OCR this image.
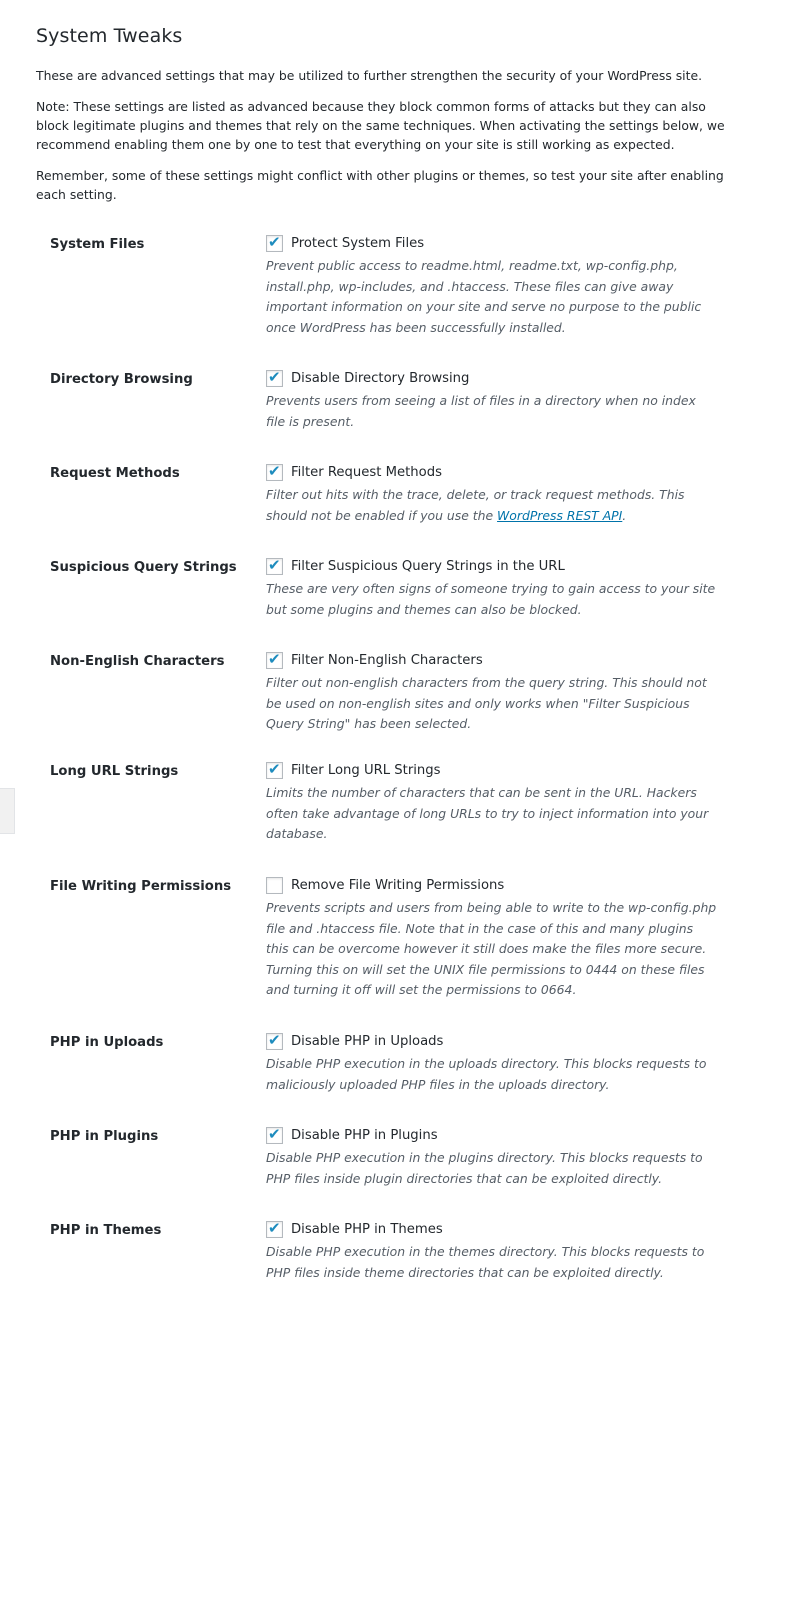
System Tweaks

These are advanced settings that may be utilized to further strengthen the security of your WordPress site.

Note: These settings are listed as advanced because they block common forms of attacks but they can also block legitimate plugins and themes that rely on the same techniques. When activating the settings below, we recommend enabling them one by one to test that everything on your site is still working as expected.

Remember, some of these settings might conflict with other plugins or themes, so test your site after enabling each setting.

System Files	✔ Protect System Files

Prevent public access to readme.html, readme.txt, wp-config.php, install.php, wp-includes, and .htaccess. These files can give away important information on your site and serve no purpose to the public once WordPress has been successfully installed.

Directory Browsing	✔ Disable Directory Browsing

Prevents users from seeing a list of files in a directory when no index file is present.

Request Methods	✔ Filter Request Methods

Filter out hits with the trace, delete, or track request methods. This should not be enabled if you use the WordPress REST API.

Suspicious Query Strings	✔ Filter Suspicious Query Strings in the URL

These are very often signs of someone trying to gain access to your site but some plugins and themes can also be blocked.

Non-English Characters	✔ Filter Non-English Characters

Filter out non-english characters from the query string. This should not be used on non-english sites and only works when "Filter Suspicious Query String" has been selected.

Long URL Strings	✔ Filter Long URL Strings

Limits the number of characters that can be sent in the URL. Hackers often take advantage of long URLs to try to inject information into your database.

File Writing Permissions	Remove File Writing Permissions

Prevents scripts and users from being able to write to the wp-config.php file and .htaccess file. Note that in the case of this and many plugins this can be overcome however it still does make the files more secure. Turning this on will set the UNIX file permissions to 0444 on these files and turning it off will set the permissions to 0664.

PHP in Uploads	✔ Disable PHP in Uploads

Disable PHP execution in the uploads directory. This blocks requests to maliciously uploaded PHP files in the uploads directory.

PHP in Plugins	✔ Disable PHP in Plugins

Disable PHP execution in the plugins directory. This blocks requests to PHP files inside plugin directories that can be exploited directly.

PHP in Themes	✔ Disable PHP in Themes

Disable PHP execution in the themes directory. This blocks requests to PHP files inside theme directories that can be exploited directly.
